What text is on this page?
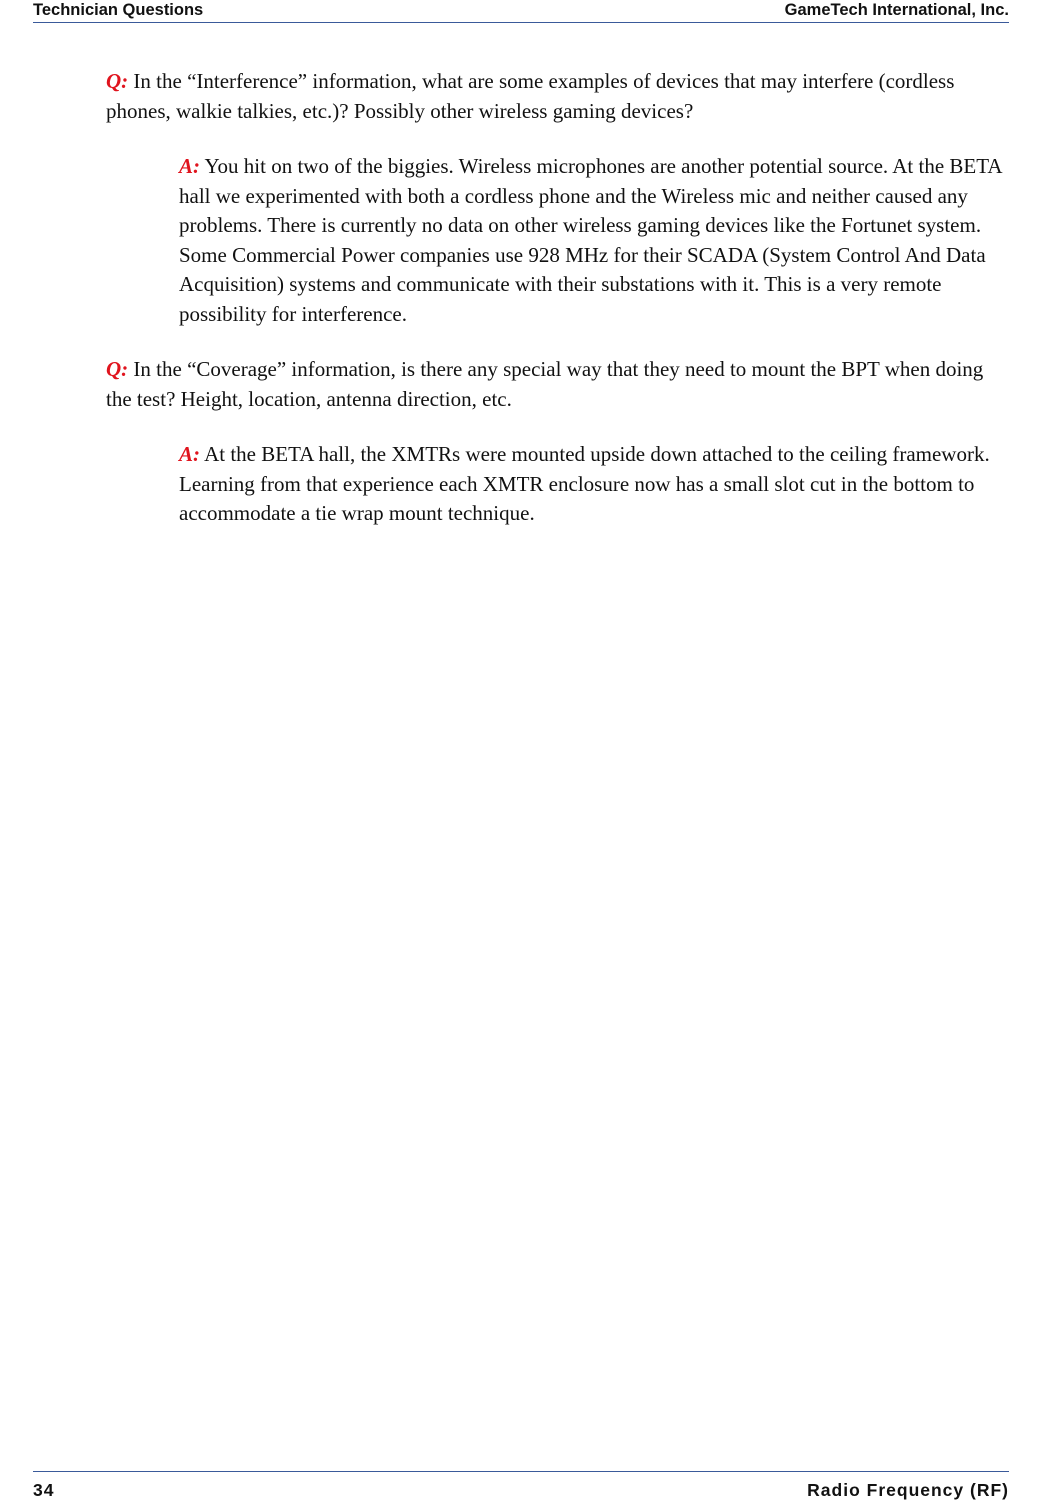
Technician Questions	GameTech International, Inc.

Q: In the “Interference” information, what are some examples of devices that may interfere (cordless phones, walkie talkies, etc.)? Possibly other wireless gaming devices?

A: You hit on two of the biggies. Wireless microphones are another potential source. At the BETA hall we experimented with both a cordless phone and the Wireless mic and neither caused any problems. There is currently no data on other wireless gaming devices like the Fortunet system. Some Commercial Power companies use 928 MHz for their SCADA (System Control And Data Acquisition) systems and communicate with their substations with it. This is a very remote possibility for interference.

Q: In the “Coverage” information, is there any special way that they need to mount the BPT when doing the test? Height, location, antenna direction, etc.

A: At the BETA hall, the XMTRs were mounted upside down attached to the ceiling framework. Learning from that experience each XMTR enclosure now has a small slot cut in the bottom to accommodate a tie wrap mount technique.

34	Radio Frequency (RF)
